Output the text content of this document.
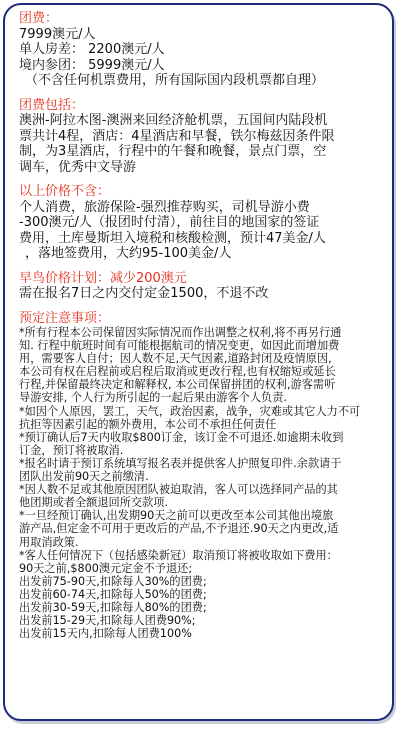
团费：

7999澳元/人

单人房差： 2200澳元/人

境内参团： 5999澳元/人

（不含任何机票费用，所有国际国内段机票都自理）

团费包括：

澳洲-阿拉木图-澳洲来回经济舱机票，五国间内陆段机

票共计4程，酒店：4星酒店和早餐，铁尔梅兹因条件限

制，为3星酒店，行程中的午餐和晚餐，景点门票，空

调车，优秀中文导游

以上价格不含：

个人消费，旅游保险-强烈推荐购买，司机导游小费

-300澳元/人（报团时付清），前往目的地国家的签证

费用，土库曼斯坦入境税和核酸检测，预计47美金/人

，落地签费用，大约95-100美金/人

早鸟价格计划：减少200澳元

需在报名7日之内交付定金1500，不退不改

预定注意事项：

*所有行程本公司保留因实际情况而作出调整之权利,将不再另行通

知. 行程中航班时间有可能根据航司的情况变更，如因此而增加费

用，需要客人自付；因人数不足,天气因素,道路封闭及疫情原因,

本公司有权在启程前或启程后取消或更改行程,也有权缩短或延长

行程,并保留最终决定和解释权, 本公司保留拼团的权利,游客需听

导游安排, 个人行为所引起的一起后果由游客个人负责.

*如因个人原因，罢工，天气，政治因素，战争，灾难或其它人力不可

抗拒等因素引起的额外费用，本公司不承担任何责任

*预订确认后7天内收取$800订金，该订金不可退还.如逾期未收到

订金，预订将被取消.

*报名时请于预订系统填写报名表并提供客人护照复印件.余款请于

团队出发前90天之前缴清.

*因人数不足或其他原因团队被迫取消，客人可以选择同产品的其

他团期或者全额退回所交款项.

*一旦经预订确认,出发期90天之前可以更改至本公司其他出境旅

游产品,但定金不可用于更改后的产品,不予退还.90天之内更改,适

用取消政策.

*客人任何情况下（包括感染新冠）取消预订将被收取如下费用：

90天之前,$800澳元定金不予退还;

出发前75-90天,扣除每人30%的团费;

出发前60-74天,扣除每人50%的团费;

出发前30-59天,扣除每人80%的团费;

出发前15-29天,扣除每人团费90%;

出发前15天内,扣除每人团费100%
